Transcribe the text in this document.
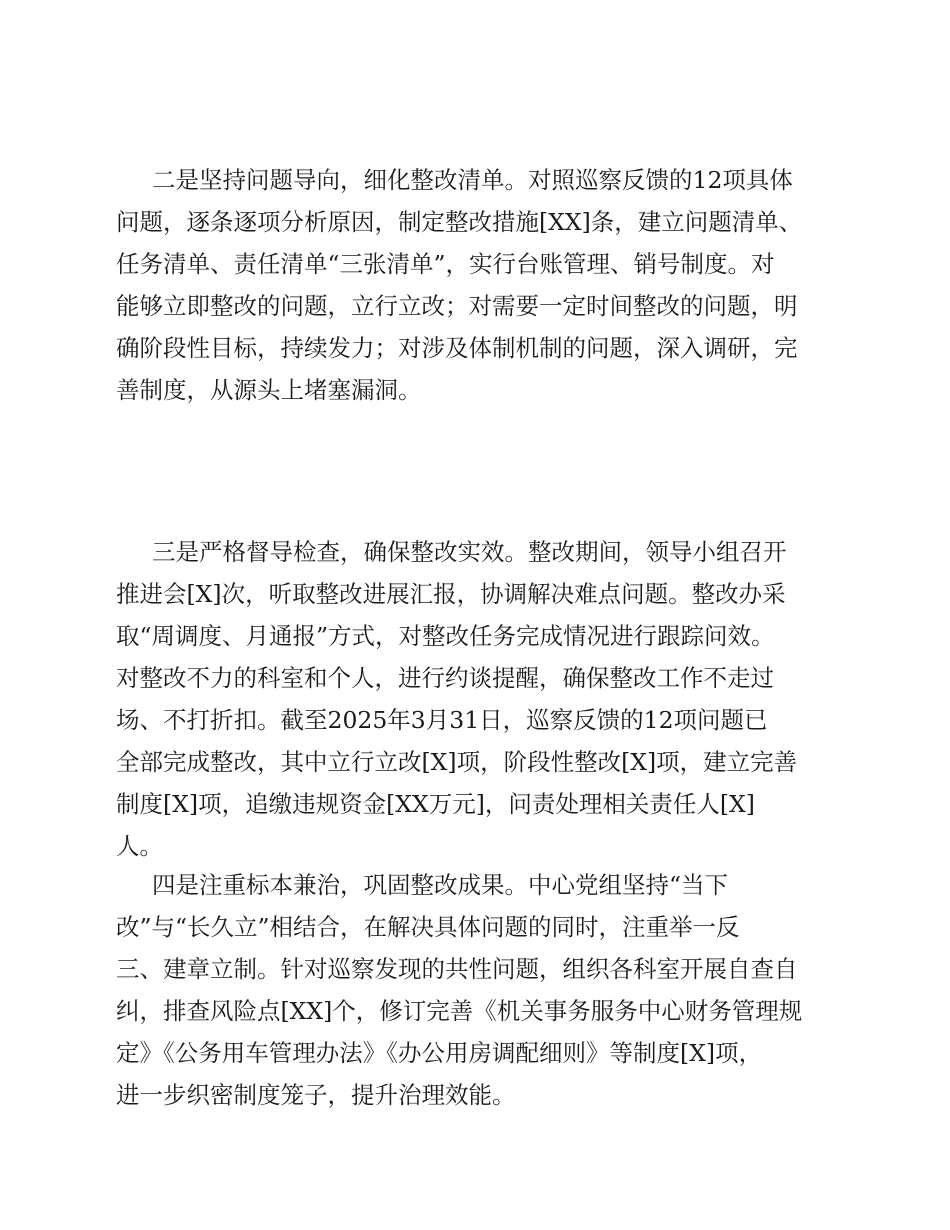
二是坚持问题导向，细化整改清单。对照巡察反馈的12项具体
问题，逐条逐项分析原因，制定整改措施[XX]条，建立问题清单、
任务清单、责任清单“三张清单”，实行台账管理、销号制度。对
能够立即整改的问题，立行立改；对需要一定时间整改的问题，明
确阶段性目标，持续发力；对涉及体制机制的问题，深入调研，完
善制度，从源头上堵塞漏洞。
三是严格督导检查，确保整改实效。整改期间，领导小组召开
推进会[X]次，听取整改进展汇报，协调解决难点问题。整改办采
取“周调度、月通报”方式，对整改任务完成情况进行跟踪问效。
对整改不力的科室和个人，进行约谈提醒，确保整改工作不走过
场、不打折扣。截至2025年3月31日，巡察反馈的12项问题已
全部完成整改，其中立行立改[X]项，阶段性整改[X]项，建立完善
制度[X]项，追缴违规资金[XX万元]，问责处理相关责任人[X]
人。
四是注重标本兼治，巩固整改成果。中心党组坚持“当下
改”与“长久立”相结合，在解决具体问题的同时，注重举一反
三、建章立制。针对巡察发现的共性问题，组织各科室开展自查自
纠，排查风险点[XX]个，修订完善《机关事务服务中心财务管理规
定》《公务用车管理办法》《办公用房调配细则》等制度[X]项，
进一步织密制度笼子，提升治理效能。
